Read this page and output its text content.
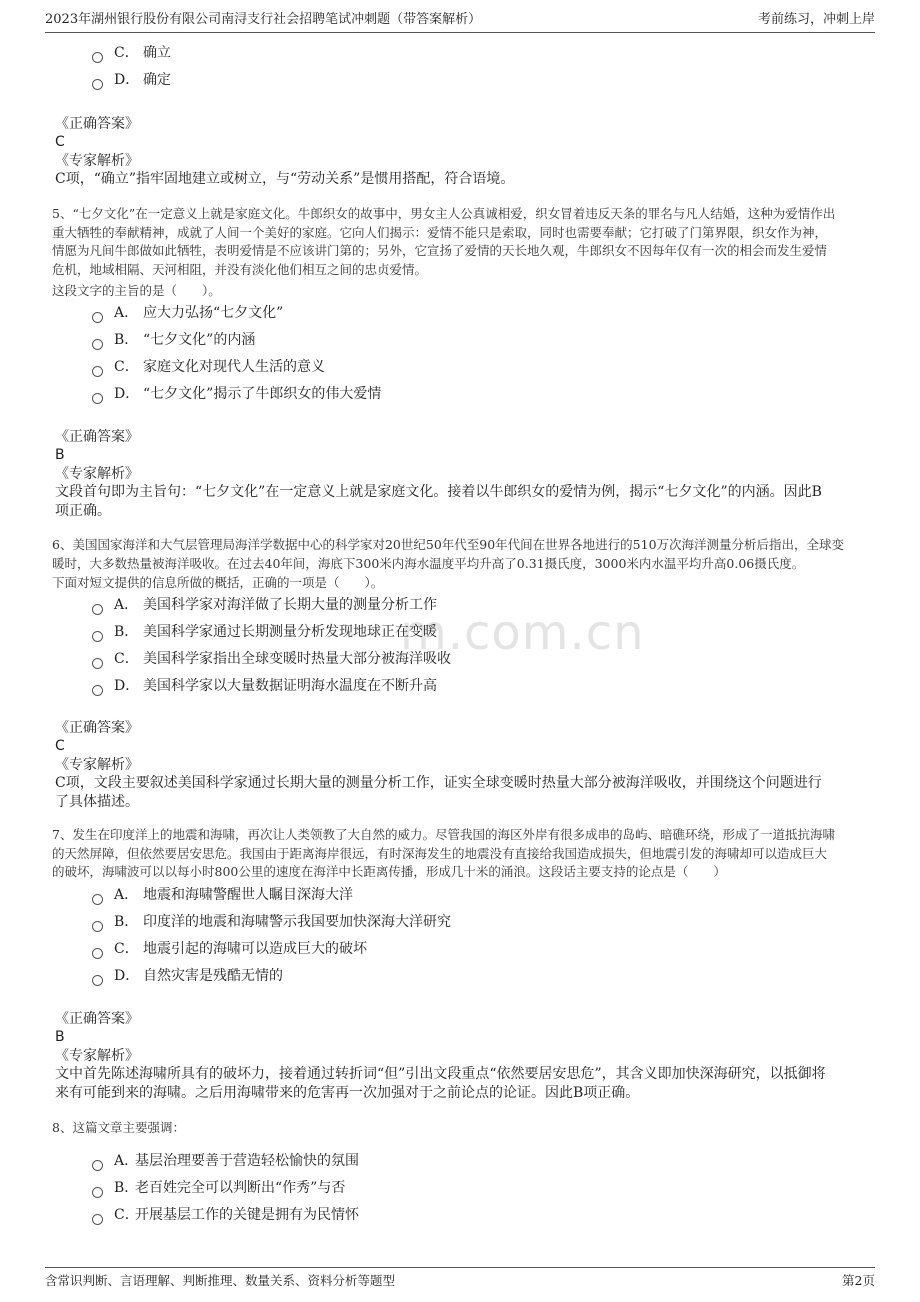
2023年湖州银行股份有限公司南浔支行社会招聘笔试冲刺题（带答案解析）	考前练习，冲刺上岸
m.com.cn
C． 确立
D． 确定
《正确答案》
C
《专家解析》
C项，“确立”指牢固地建立或树立，与“劳动关系”是惯用搭配，符合语境。
5、“七夕文化”在一定意义上就是家庭文化。牛郎织女的故事中，男女主人公真诚相爱，织女冒着违反天条的罪名与凡人结婚，这种为爱情作出
重大牺牲的奉献精神，成就了人间一个美好的家庭。它向人们揭示：爱情不能只是索取，同时也需要奉献；它打破了门第界限，织女作为神，
情愿为凡间牛郎做如此牺牲，表明爱情是不应该讲门第的；另外，它宣扬了爱情的天长地久观，牛郎织女不因每年仅有一次的相会而发生爱情
危机，地域相隔、天河相阻，并没有淡化他们相互之间的忠贞爱情。
这段文字的主旨的是（　　）。
A． 应大力弘扬“七夕文化”
B． “七夕文化”的内涵
C． 家庭文化对现代人生活的意义
D． “七夕文化”揭示了牛郎织女的伟大爱情
《正确答案》
B
《专家解析》
文段首句即为主旨句：“七夕文化”在一定意义上就是家庭文化。接着以牛郎织女的爱情为例，揭示“七夕文化”的内涵。因此B
项正确。
6、美国国家海洋和大气层管理局海洋学数据中心的科学家对20世纪50年代至90年代间在世界各地进行的510万次海洋测量分析后指出，全球变
暖时，大多数热量被海洋吸收。在过去40年间，海底下300米内海水温度平均升高了0.31摄氏度，3000米内水温平均升高0.06摄氏度。
下面对短文提供的信息所做的概括，正确的一项是（　　）。
A． 美国科学家对海洋做了长期大量的测量分析工作
B． 美国科学家通过长期测量分析发现地球正在变暖
C． 美国科学家指出全球变暖时热量大部分被海洋吸收
D． 美国科学家以大量数据证明海水温度在不断升高
《正确答案》
C
《专家解析》
C项，文段主要叙述美国科学家通过长期大量的测量分析工作，证实全球变暖时热量大部分被海洋吸收，并围绕这个问题进行
了具体描述。
7、发生在印度洋上的地震和海啸，再次让人类领教了大自然的威力。尽管我国的海区外岸有很多成串的岛屿、暗礁环绕，形成了一道抵抗海啸
的天然屏障，但依然要居安思危。我国由于距离海岸很远，有时深海发生的地震没有直接给我国造成损失，但地震引发的海啸却可以造成巨大
的破坏，海啸波可以以每小时800公里的速度在海洋中长距离传播，形成几十米的涌浪。这段话主要支持的论点是（　　）
A． 地震和海啸警醒世人瞩目深海大洋
B． 印度洋的地震和海啸警示我国要加快深海大洋研究
C． 地震引起的海啸可以造成巨大的破坏
D． 自然灾害是残酷无情的
《正确答案》
B
《专家解析》
文中首先陈述海啸所具有的破坏力，接着通过转折词“但”引出文段重点“依然要居安思危”，其含义即加快深海研究，以抵御将
来有可能到来的海啸。之后用海啸带来的危害再一次加强对于之前论点的论证。因此B项正确。
8、这篇文章主要强调：
A．
基层治理要善于营造轻松愉快的氛围
B．
老百姓完全可以判断出“作秀”与否
C．
开展基层工作的关键是拥有为民情怀
含常识判断、言语理解、判断推理、数量关系、资料分析等题型	第2页
